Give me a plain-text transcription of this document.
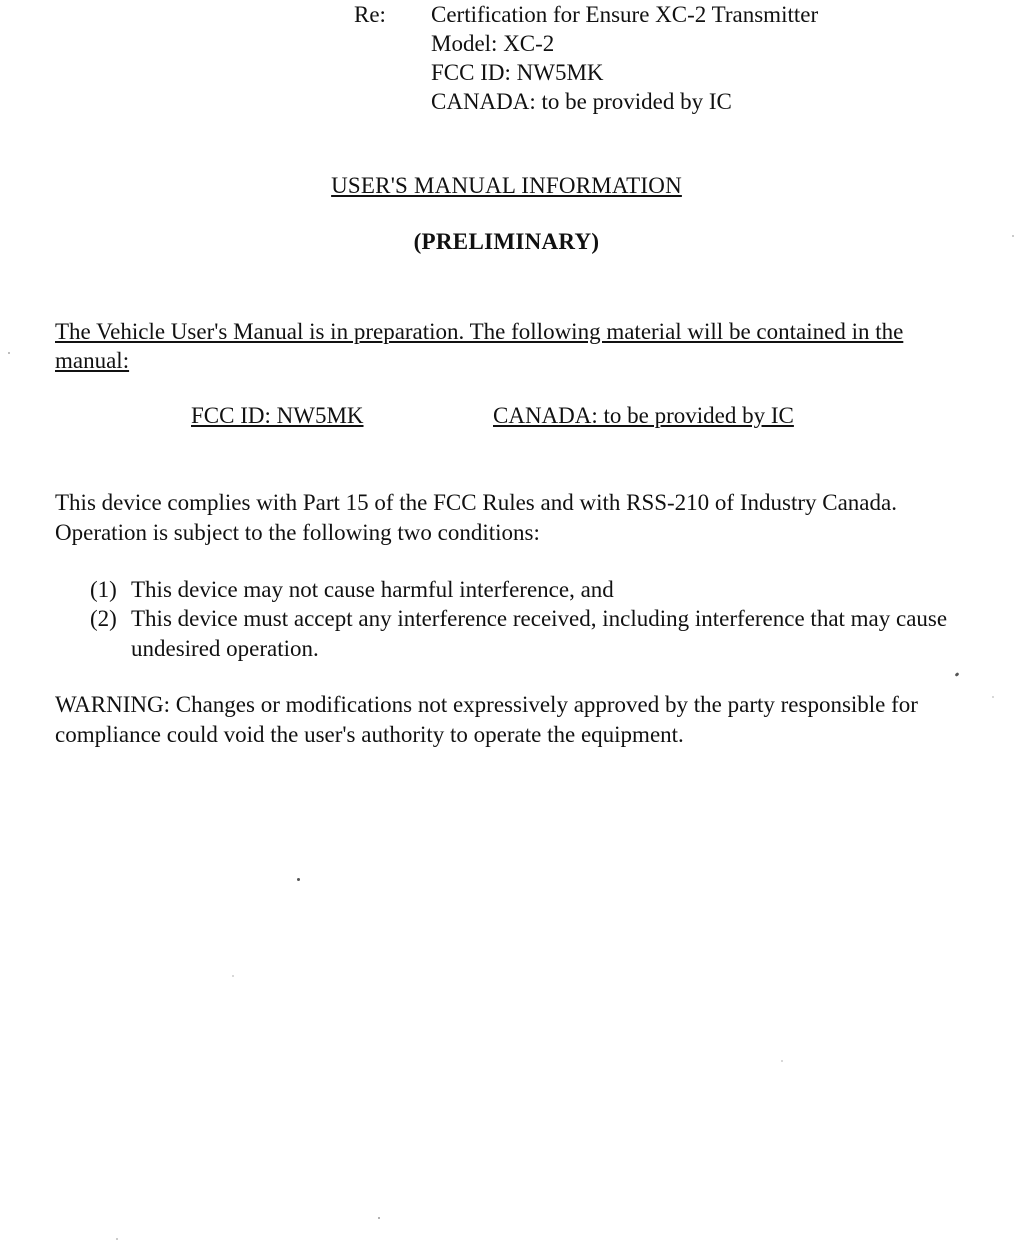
Re: Certification for Ensure XC-2 Transmitter
Model: XC-2
FCC ID: NW5MK
CANADA: to be provided by IC
USER'S MANUAL INFORMATION
(PRELIMINARY)
The Vehicle User's Manual is in preparation. The following material will be contained in the manual:
FCC ID: NW5MK	CANADA: to be provided by IC
This device complies with Part 15 of the FCC Rules and with RSS-210 of Industry Canada. Operation is subject to the following two conditions:
(1) This device may not cause harmful interference, and
(2) This device must accept any interference received, including interference that may cause undesired operation.
WARNING: Changes or modifications not expressively approved by the party responsible for compliance could void the user's authority to operate the equipment.
